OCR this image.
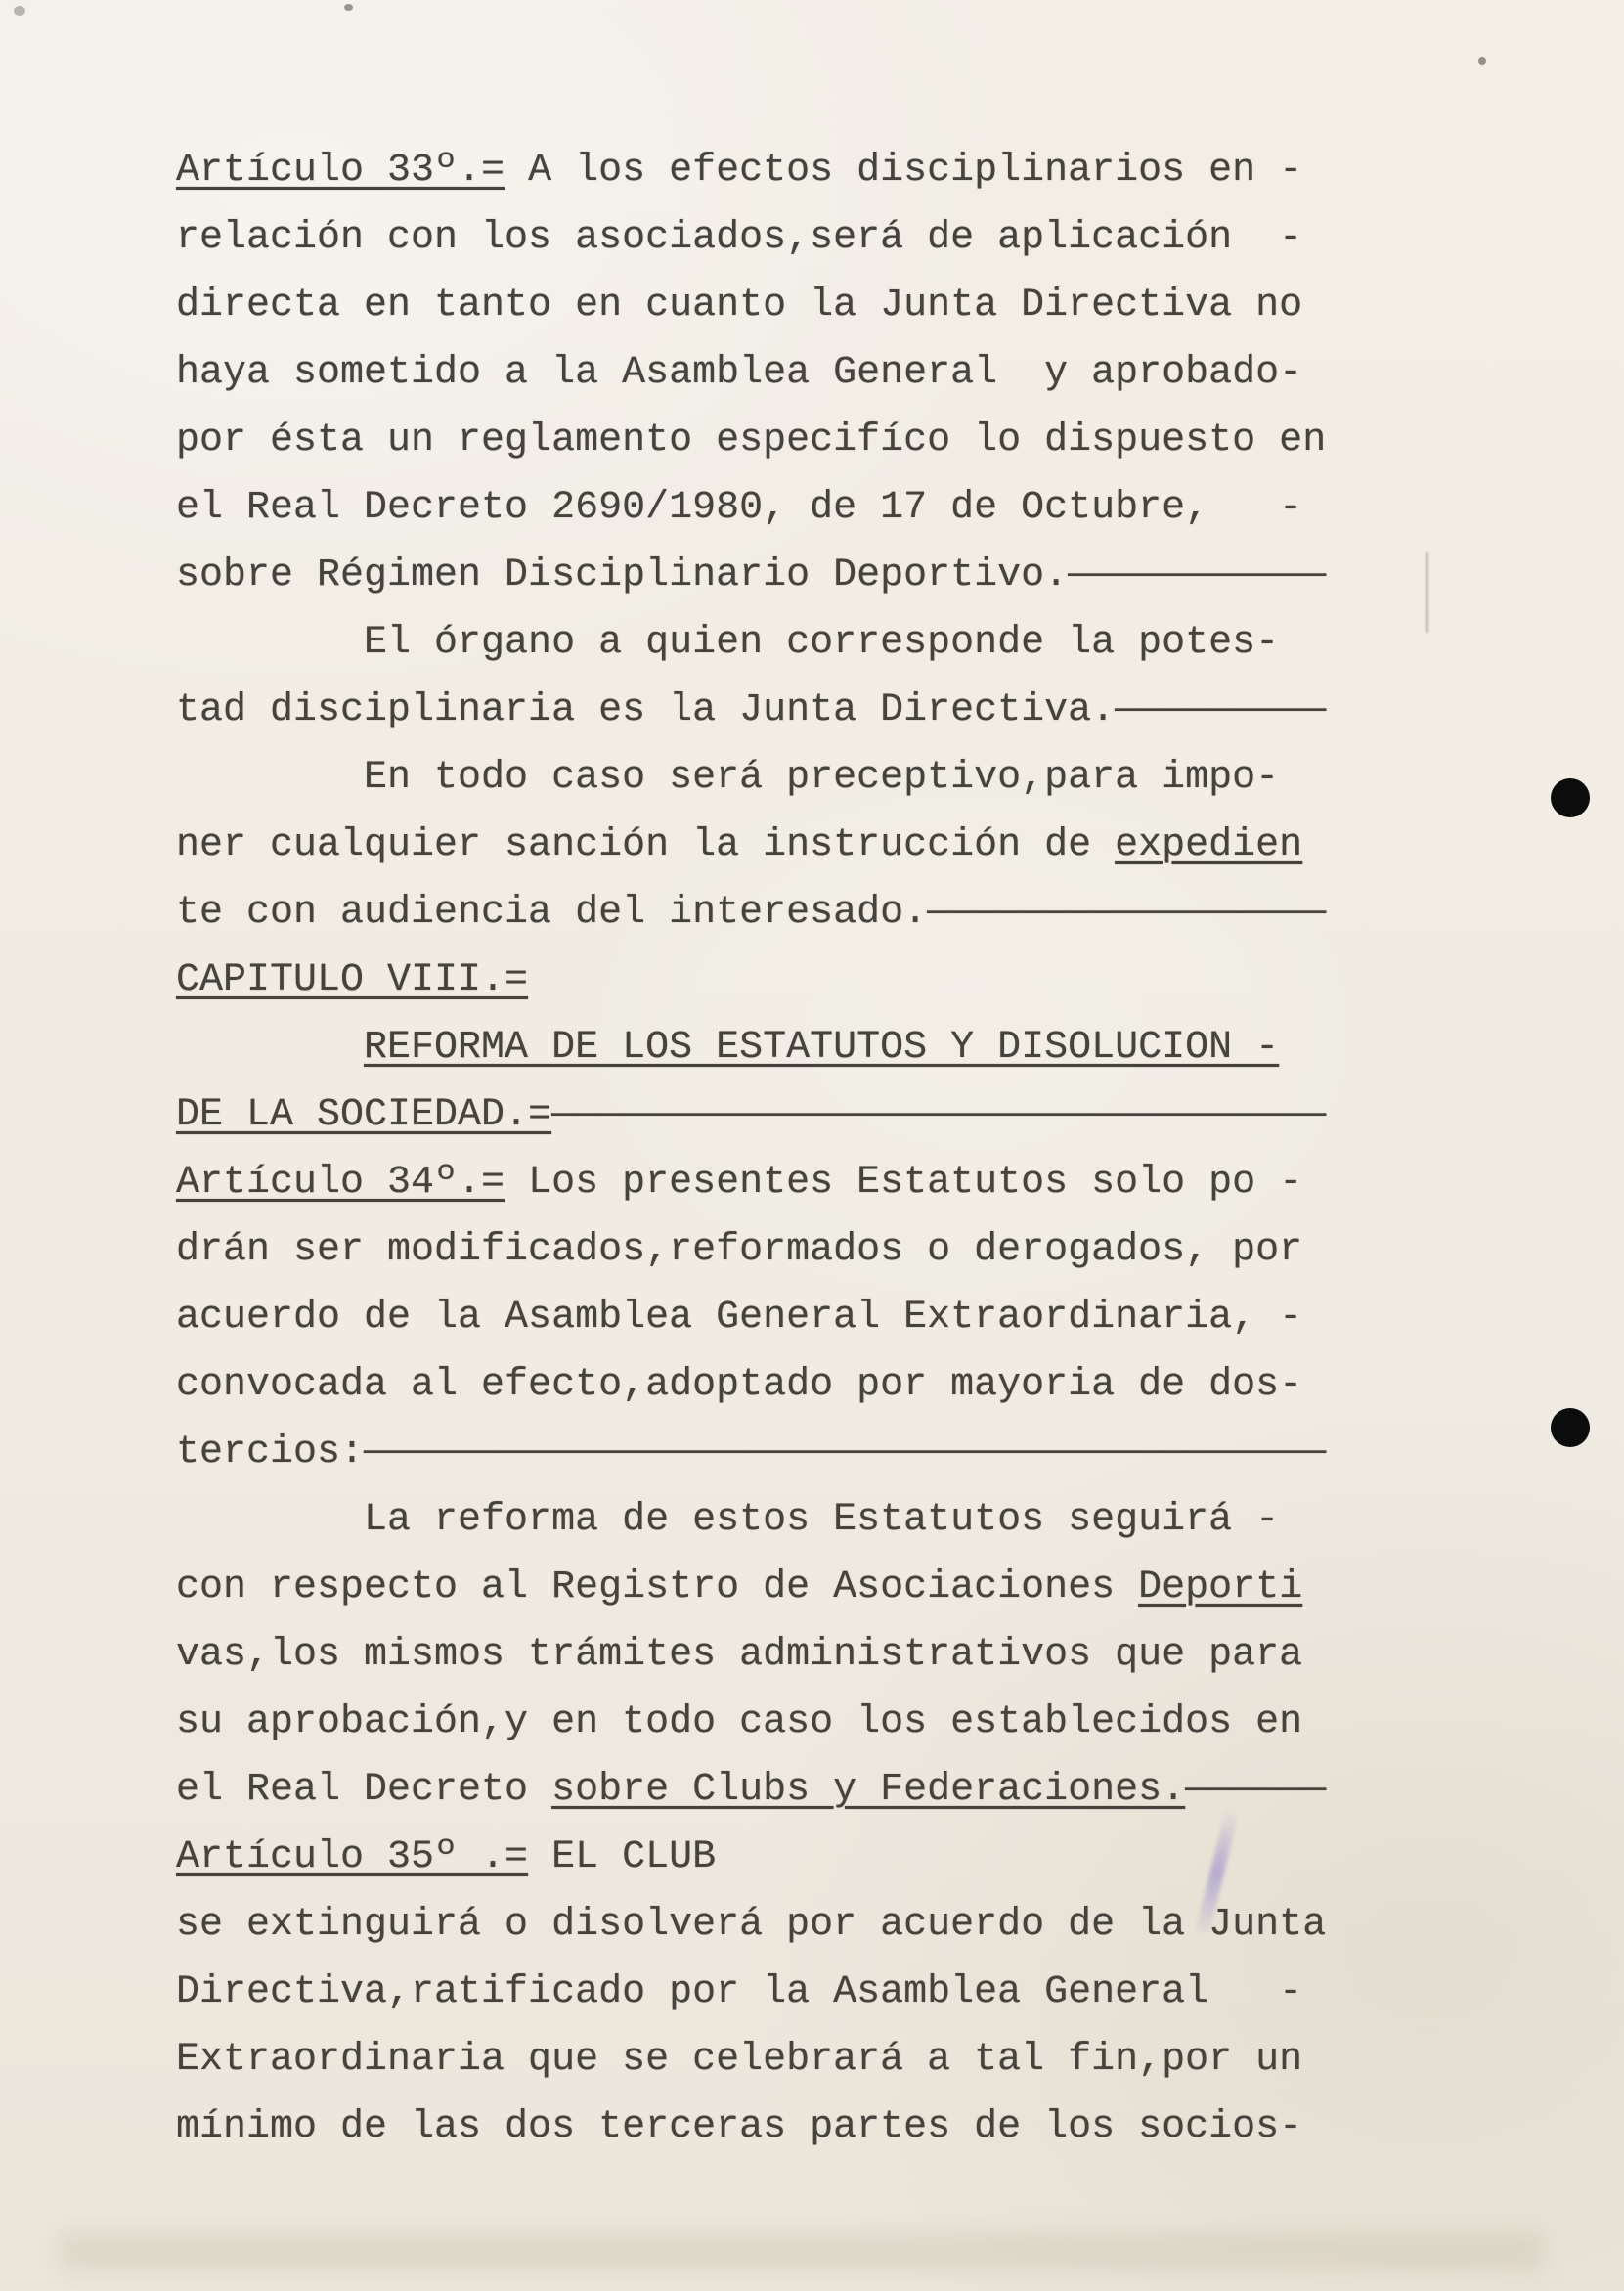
Artículo 33º.= A los efectos disciplinarios en -
relación con los asociados,será de aplicación  -
directa en tanto en cuanto la Junta Directiva no
haya sometido a la Asamblea General  y aprobado-
por ésta un reglamento especifíco lo dispuesto en
el Real Decreto 2690/1980, de 17 de Octubre,   -
sobre Régimen Disciplinario Deportivo.———————————
El órgano a quien corresponde la potes-
tad disciplinaria es la Junta Directiva.—————————
En todo caso será preceptivo,para impo-
ner cualquier sanción la instrucción de expedien
te con audiencia del interesado.—————————————————
CAPITULO VIII.=
REFORMA DE LOS ESTATUTOS Y DISOLUCION -
DE LA SOCIEDAD.=—————————————————————————————————
Artículo 34º.= Los presentes Estatutos solo po -
drán ser modificados,reformados o derogados, por
acuerdo de la Asamblea General Extraordinaria, -
convocada al efecto,adoptado por mayoria de dos-
tercios:—————————————————————————————————————————
La reforma de estos Estatutos seguirá -
con respecto al Registro de Asociaciones Deporti
vas,los mismos trámites administrativos que para
su aprobación,y en todo caso los establecidos en
el Real Decreto sobre Clubs y Federaciones.——————
Artículo 35º .= EL CLUB
se extinguirá o disolverá por acuerdo de la Junta
Directiva,ratificado por la Asamblea General   -
Extraordinaria que se celebrará a tal fin,por un
mínimo de las dos terceras partes de los socios-
